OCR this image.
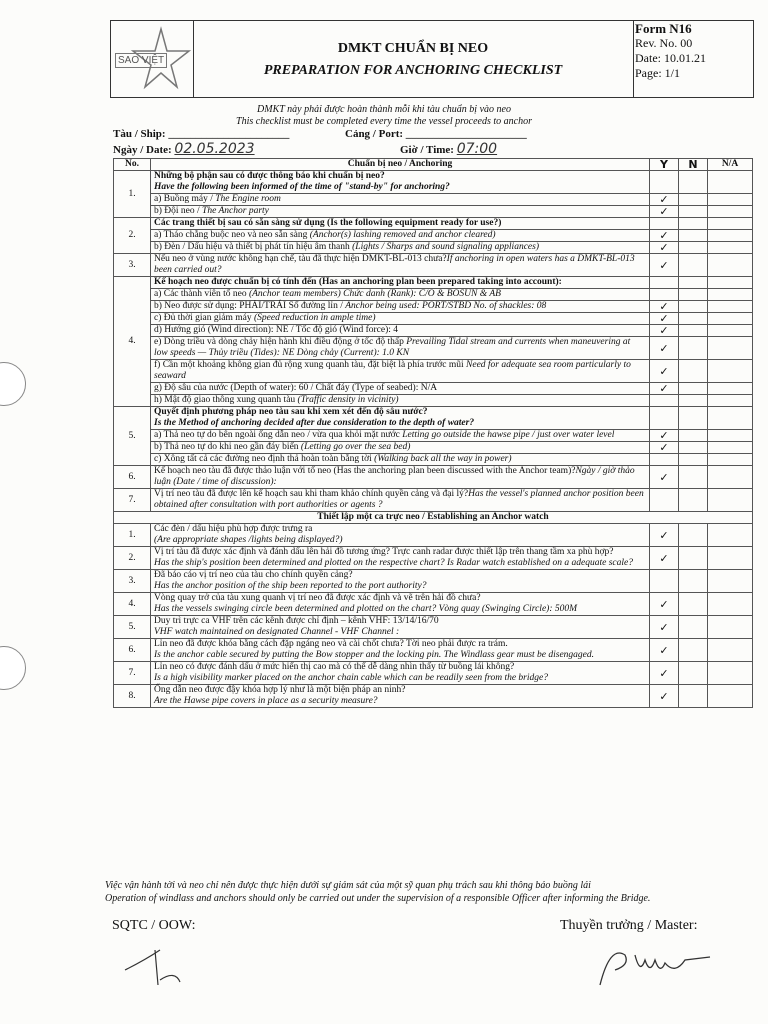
SAO VIỆT
DMKT CHUẨN BỊ NEO
PREPARATION FOR ANCHORING CHECKLIST
Form N16
Rev. No. 00
Date: 10.01.21
Page: 1/1
DMKT này phải được hoàn thành mỗi khi tàu chuẩn bị vào neo
This checklist must be completed every time the vessel proceeds to anchor
Tàu / Ship: ______________________	Cảng / Port: ______________________
Ngày / Date: 02.05.2023	Giờ / Time: 07:00
No.	Chuẩn bị neo / Anchoring	Y	N	N/A
1.	Những bộ phận sau có được thông báo khi chuẩn bị neo?
Have the following been informed of the time of "stand-by" for anchoring?			
	a) Buồng máy / The Engine room	✓		
	b) Đội neo / The Anchor party	✓		
2.	Các trang thiết bị sau có sẵn sàng sử dụng (Is the following equipment ready for use?)			
	a) Tháo chằng buộc neo và neo sẵn sàng (Anchor(s) lashing removed and anchor cleared)	✓		
	b) Đèn / Dấu hiệu và thiết bị phát tín hiệu âm thanh (Lights / Sharps and sound signaling appliances)	✓		
3.	Nếu neo ở vùng nước không hạn chế, tàu đã thực hiện DMKT-BL-013 chưa?If anchoring in open waters has a DMKT-BL-013 been carried out?	✓		
4.	Kế hoạch neo được chuẩn bị có tính đến (Has an anchoring plan been prepared taking into account):			
	a) Các thành viên tổ neo (Anchor team members) Chức danh (Rank): C/O & BOSUN & AB			
	b) Neo được sử dụng: PHẢI/TRÁI Số đường lỉn / Anchor being used: PORT/STBD No. of shackles: 08	✓		
	c) Đủ thời gian giảm máy (Speed reduction in ample time)	✓		
	d) Hướng gió (Wind direction): NE / Tốc độ gió (Wind force): 4	✓		
	e) Dòng triều và dòng chảy hiện hành khi điều động ở tốc độ thấp Prevailing Tidal stream and currents when maneuvering at low speeds — Thủy triều (Tides): NE Dòng chảy (Current): 1.0 KN	✓		
	f) Cần một khoảng không gian đủ rộng xung quanh tàu, đặt biệt là phía trước mũi Need for adequate sea room particularly to seaward	✓		
	g) Độ sâu của nước (Depth of water): 60 / Chất đáy (Type of seabed): N/A	✓		
	h) Mật độ giao thông xung quanh tàu (Traffic density in vicinity)			
5.	Quyết định phương pháp neo tàu sau khi xem xét đến độ sâu nước?
Is the Method of anchoring decided after due consideration to the depth of water?			
	a) Thả neo tự do bên ngoài ống dẫn neo / vừa qua khỏi mặt nước Letting go outside the hawse pipe / just over water level	✓		
	b) Thả neo tự do khi neo gần đáy biển (Letting go over the sea bed)	✓		
	c) Xông tất cả các đường neo định thả hoàn toàn bằng tời (Walking back all the way in power)			
6.	Kế hoạch neo tàu đã được thảo luận với tổ neo (Has the anchoring plan been discussed with the Anchor team)?Ngày / giờ thảo luận (Date / time of discussion):	✓		
7.	Vị trí neo tàu đã được lên kế hoạch sau khi tham khảo chính quyền cảng và đại lý?Has the vessel's planned anchor position been obtained after consultation with port authorities or agents ?			
Thiết lập một ca trực neo / Establishing an Anchor watch				
1.	Các đèn / dấu hiệu phù hợp được trưng ra
(Are appropriate shapes /lights being displayed?)	✓		
2.	Vị trí tàu đã được xác định và đánh dấu lên hải đồ tương ứng? Trực canh radar được thiết lập trên thang tầm xa phù hợp?
Has the ship's position been determined and plotted on the respective chart? Is Radar watch established on a adequate scale?	✓		
3.	Đã báo cáo vị trí neo của tàu cho chính quyền cảng?
Has the anchor position of the ship been reported to the port authority?			
4.	Vòng quay trở của tàu xung quanh vị trí neo đã được xác định và vẽ trên hải đồ chưa?
Has the vessels swinging circle been determined and plotted on the chart? Vòng quay (Swinging Circle): 500M	✓		
5.	Duy trì trực ca VHF trên các kênh được chỉ định – kênh VHF: 13/14/16/70
VHF watch maintained on designated Channel - VHF Channel :	✓		
6.	Lỉn neo đã được khóa bằng cách đặp ngáng neo và cài chốt chưa? Tời neo phải được ra trám.
Is the anchor cable secured by putting the Bow stopper and the locking pin. The Windlass gear must be disengaged.	✓		
7.	Lỉn neo có được đánh dấu ở mức hiển thị cao mà có thể dễ dàng nhìn thấy từ buồng lái không?
Is a high visibility marker placed on the anchor chain cable which can be readily seen from the bridge?	✓		
8.	Ống dẫn neo được đậy khóa hợp lý như là một biện pháp an ninh?
Are the Hawse pipe covers in place as a security measure?	✓		
Việc vận hành tời và neo chỉ nên được thực hiện dưới sự giám sát của một sỹ quan phụ trách sau khi thông báo buồng lái
Operation of windlass and anchors should only be carried out under the supervision of a responsible Officer after informing the Bridge.
SQTC / OOW:	Thuyền trưởng / Master:
